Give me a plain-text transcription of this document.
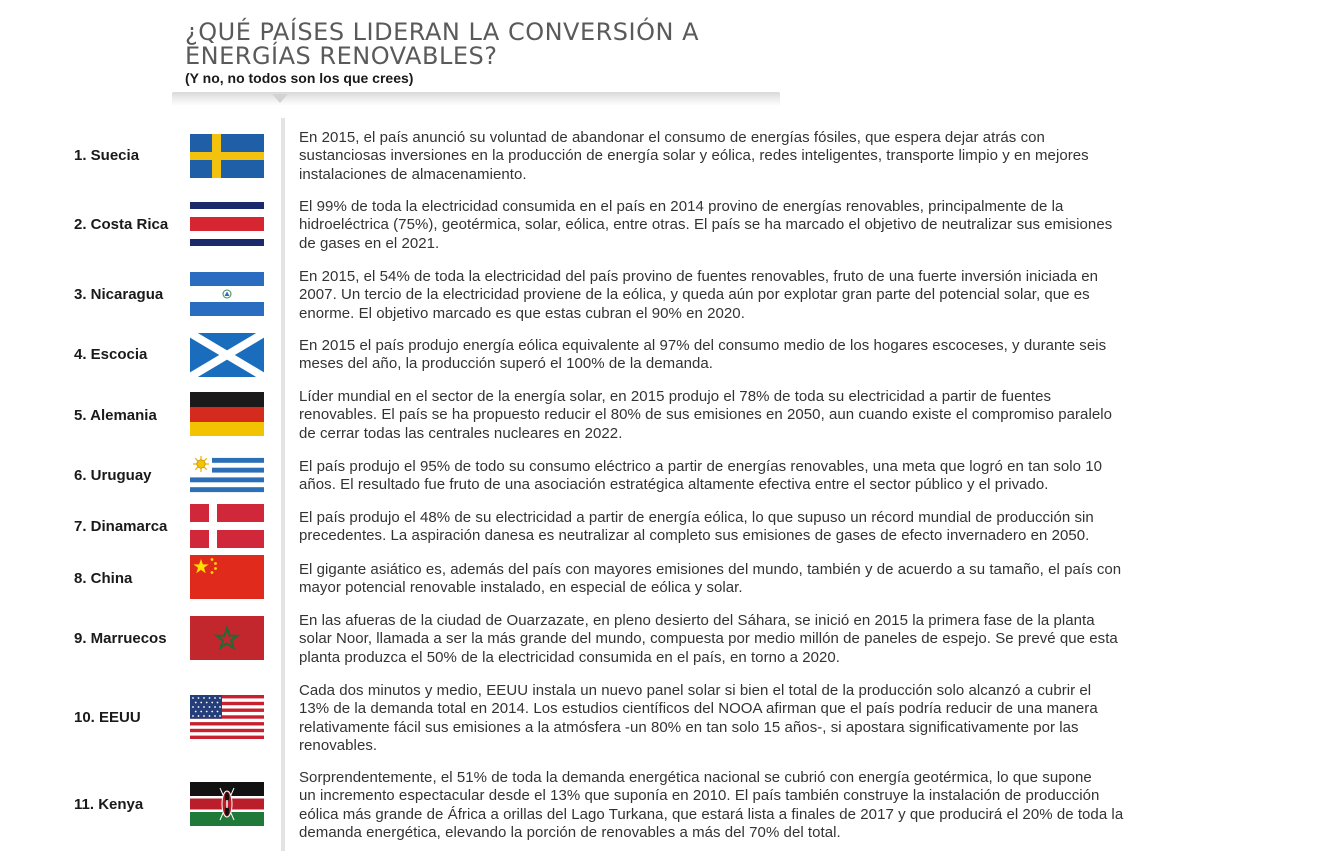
¿QUÉ PAÍSES LIDERAN LA CONVERSIÓN A
ENERGÍAS RENOVABLES?
(Y no, no todos son los que crees)
1. Suecia
En 2015, el país anunció su voluntad de abandonar el consumo de energías fósiles, que espera dejar atrás con
sustanciosas inversiones en la producción de energía solar y eólica, redes inteligentes, transporte limpio y en mejores
instalaciones de almacenamiento.
2. Costa Rica
El 99% de toda la electricidad consumida en el país en 2014 provino de energías renovables, principalmente de la
hidroeléctrica (75%), geotérmica, solar, eólica, entre otras. El país se ha marcado el objetivo de neutralizar sus emisiones
de gases en el 2021.
3. Nicaragua
En 2015, el 54% de toda la electricidad del país provino de fuentes renovables, fruto de una fuerte inversión iniciada en
2007. Un tercio de la electricidad proviene de la eólica, y queda aún por explotar gran parte del potencial solar, que es
enorme. El objetivo marcado es que estas cubran el 90% en 2020.
4. Escocia
En 2015 el país produjo energía eólica equivalente al 97% del consumo medio de los hogares escoceses, y durante seis
meses del año, la producción superó el 100% de la demanda.
5. Alemania
Líder mundial en el sector de la energía solar, en 2015 produjo el 78% de toda su electricidad a partir de fuentes
renovables. El país se ha propuesto reducir el 80% de sus emisiones en 2050, aun cuando existe el compromiso paralelo
de cerrar todas las centrales nucleares en 2022.
6. Uruguay
El país produjo el 95% de todo su consumo eléctrico a partir de energías renovables, una meta que logró en tan solo 10
años. El resultado fue fruto de una asociación estratégica altamente efectiva entre el sector público y el privado.
7. Dinamarca
El país produjo el 48% de su electricidad a partir de energía eólica, lo que supuso un récord mundial de producción sin
precedentes. La aspiración danesa es neutralizar al completo sus emisiones de gases de efecto invernadero en 2050.
8. China
El gigante asiático es, además del país con mayores emisiones del mundo, también y de acuerdo a su tamaño, el país con
mayor potencial renovable instalado, en especial de eólica y solar.
9. Marruecos
En las afueras de la ciudad de Ouarzazate, en pleno desierto del Sáhara, se inició en 2015 la primera fase de la planta
solar Noor, llamada a ser la más grande del mundo, compuesta por medio millón de paneles de espejo. Se prevé que esta
planta produzca el 50% de la electricidad consumida en el país, en torno a 2020.
10. EEUU
Cada dos minutos y medio, EEUU instala un nuevo panel solar si bien el total de la producción solo alcanzó a cubrir el
13% de la demanda total en 2014. Los estudios científicos del NOOA afirman que el país podría reducir de una manera
relativamente fácil sus emisiones a la atmósfera -un 80% en tan solo 15 años-, si apostara significativamente por las
renovables.
11. Kenya
Sorprendentemente, el 51% de toda la demanda energética nacional se cubrió con energía geotérmica, lo que supone
un incremento espectacular desde el 13% que suponía en 2010. El país también construye la instalación de producción
eólica más grande de África a orillas del Lago Turkana, que estará lista a finales de 2017 y que producirá el 20% de toda la
demanda energética, elevando la porción de renovables a más del 70% del total.
